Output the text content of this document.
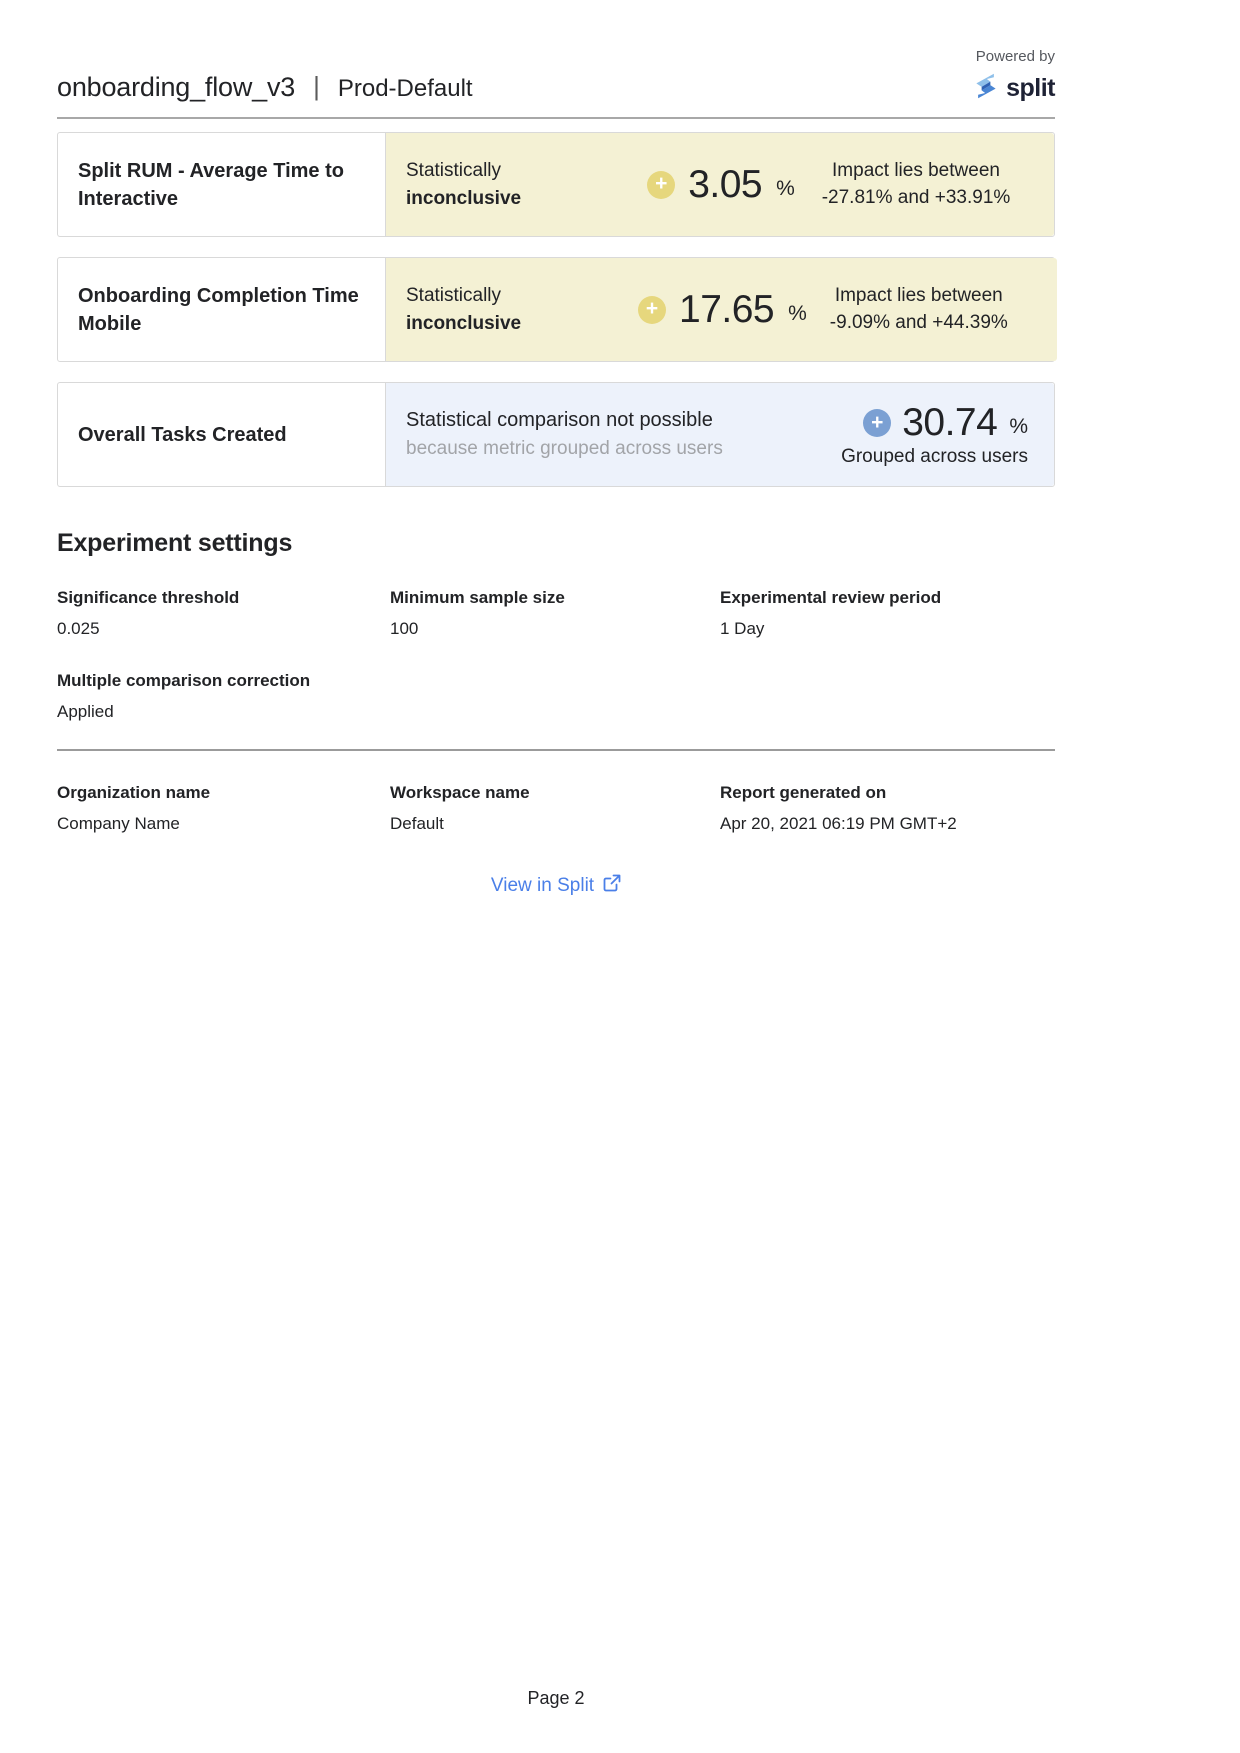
onboarding_flow_v3 | Prod-Default
Powered by
split
Split RUM - Average Time to Interactive
Statistically
inconclusive
+ 3.05 %
Impact lies between
-27.81% and +33.91%
Onboarding Completion Time Mobile
Statistically
inconclusive
+ 17.65 %
Impact lies between
-9.09% and +44.39%
Overall Tasks Created
Statistical comparison not possible
because metric grouped across users
+ 30.74 %
Grouped across users
Experiment settings
Significance threshold
0.025
Minimum sample size
100
Experimental review period
1 Day
Multiple comparison correction
Applied
Organization name
Company Name
Workspace name
Default
Report generated on
Apr 20, 2021 06:19 PM GMT+2
View in Split
Page 2
